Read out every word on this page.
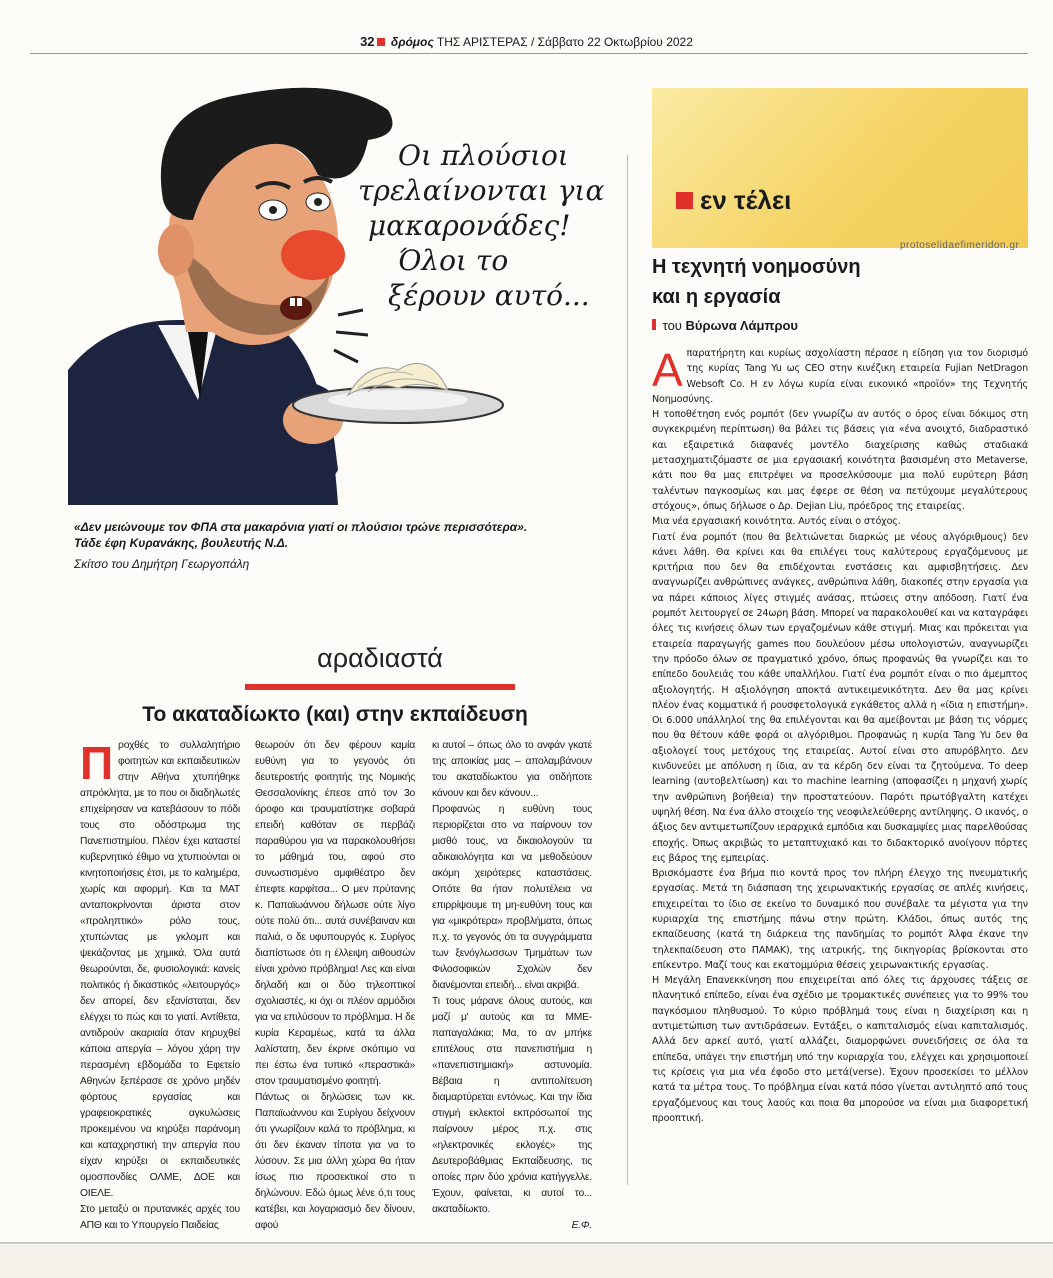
32 δρόμος ΤΗΣ ΑΡΙΣΤΕΡΑΣ / Σάββατο 22 Οκτωβρίου 2022
Οι πλούσιοι
τρελαίνονται για
μακαρονάδες!
Όλοι το
ξέρουν αυτό...
«Δεν μειώνουμε τον ΦΠΑ στα μακαρόνια γιατί οι πλούσιοι τρώνε περισσότερα».
Τάδε έφη Κυρανάκης, βουλευτής Ν.Δ.
Σκίτσο του Δημήτρη Γεωργοπάλη
αραδιαστά
Το ακαταδίωκτο (και) στην εκπαίδευση
Π ροχθές το συλλαλητήριο φοιτητών και εκπαιδευτικών στην Αθήνα χτυπήθηκε απρόκλητα, με το που οι διαδηλωτές επιχείρησαν να κατεβάσουν το πόδι τους στο οδόστρωμα της Πανεπιστημίου. Πλέον έχει καταστεί κυβερνητικό έθιμο να χτυπιούνται οι κινητοποιήσεις έτσι, με το καλημέρα, χωρίς και αφορμή. Και τα ΜΑΤ ανταποκρίνονται άριστα στον «προληπτικό» ρόλο τους, χτυπώντας με γκλομπ και ψεκάζοντας με χημικά. Όλα αυτά θεωρούνται, δε, φυσιολογικά: κανείς πολιτικός ή δικαστικός «λειτουργός» δεν απορεί, δεν εξανίσταται, δεν ελέγχει το πώς και το γιατί. Αντίθετα, αντιδρούν ακαριαία όταν κηρυχθεί κάποια απεργία – λόγου χάρη την περασμένη εβδομάδα το Εφετείο Αθηνών ξεπέρασε σε χρόνο μηδέν φόρτους εργασίας και γραφειοκρατικές αγκυλώσεις προκειμένου να κηρύξει παράνομη και καταχρηστική την απεργία που είχαν κηρύξει οι εκπαιδευτικές ομοσπονδίες ΟΛΜΕ, ΔΟΕ και ΟΙΕΛΕ.

Στο μεταξύ οι πρυτανικές αρχές του ΑΠΘ και το Υπουργείο Παιδείας

θεωρούν ότι δεν φέρουν καμία ευθύνη για το γεγονός ότι δευτεροετής φοιτητής της Νομικής Θεσσαλονίκης έπεσε από τον 3ο όροφο και τραυματίστηκε σοβαρά επειδή καθόταν σε περβάζι παραθύρου για να παρακολουθήσει το μάθημά του, αφού στο συνωστισμένο αμφιθέατρο δεν έπεφτε καρφίτσα... Ο μεν πρύτανης κ. Παπαϊωάννου δήλωσε ούτε λίγο ούτε πολύ ότι... αυτά συνέβαιναν και παλιά, ο δε υφυπουργός κ. Συρίγος διαπίστωσε ότι η έλλειψη αιθουσών είναι χρόνιο πρόβλημα! Λες και είναι δηλαδή και οι δύο τηλεοπτικοί σχολιαστές, κι όχι οι πλέον αρμόδιοι για να επιλύσουν το πρόβλημα. Η δε κυρία Κεραμέως, κατά τα άλλα λαλίστατη, δεν έκρινε σκόπιμο να πει έστω ένα τυπικό «περαστικά» στον τραυματισμένο φοιτητή.

Πάντως οι δηλώσεις των κκ. Παπαϊωάννου και Συρίγου δείχνουν ότι γνωρίζουν καλά το πρόβλημα, κι ότι δεν έκαναν τίποτα για να το λύσουν. Σε μια άλλη χώρα θα ήταν ίσως πιο προσεκτικοί στο τι δηλώνουν. Εδώ όμως λένε ό,τι τους κατέβει, και λογαριασμό δεν δίνουν, αφού

κι αυτοί – όπως όλο το ανφάν γκατέ της αποικίας μας – απολαμβάνουν του ακαταδίωκτου για οτιδήποτε κάνουν και δεν κάνουν...

Προφανώς η ευθύνη τους περιορίζεται στο να παίρνουν τον μισθό τους, να δικαιολογούν τα αδικαιολόγητα και να μεθοδεύουν ακόμη χειρότερες καταστάσεις. Οπότε θα ήταν πολυτέλεια να επιρρίψουμε τη μη-ευθύνη τους και για «μικρότερα» προβλήματα, όπως π.χ. το γεγονός ότι τα συγγράμματα των ξενόγλωσσων Τμημάτων των Φιλοσοφικών Σχολών δεν διανέμονται επειδή... είναι ακριβά.

Τι τους μάρανε όλους αυτούς, και μαζί μ' αυτούς και τα ΜΜΕ-παπαγαλάκια; Μα, το αν μπήκε επιτέλους στα πανεπιστήμια η «πανεπιστημιακή» αστυνομία. Βέβαια η αντιπολίτευση διαμαρτύρεται εντόνως. Και την ίδια στιγμή εκλεκτοί εκπρόσωποί της παίρνουν μέρος π.χ. στις «ηλεκτρονικές εκλογές» της Δευτεροβάθμιας Εκπαίδευσης, τις οποίες πριν δύο χρόνια κατήγγελλε. Έχουν, φαίνεται, κι αυτοί το... ακαταδίωκτο.

Ε.Φ.

εν τέλει
protoselidaefimeridon.gr
Η τεχνητή νοημοσύνη
και η εργασία
του Βύρωνα Λάμπρου
Α παρατήρητη και κυρίως ασχολίαστη πέρασε η είδηση για τον διορισμό της κυρίας Tang Yu ως CEO στην κινέζικη εταιρεία Fujian NetDragon Websoft Co. Η εν λόγω κυρία είναι εικονικό «προϊόν» της Τεχνητής Νοημοσύνης.

Η τοποθέτηση ενός ρομπότ (δεν γνωρίζω αν αυτός ο όρος είναι δόκιμος στη συγκεκριμένη περίπτωση) θα βάλει τις βάσεις για «ένα ανοιχτό, διαδραστικό και εξαιρετικά διαφανές μοντέλο διαχείρισης καθώς σταδιακά μετασχηματιζόμαστε σε μια εργασιακή κοινότητα βασισμένη στο Metaverse, κάτι που θα μας επιτρέψει να προσελκύσουμε μια πολύ ευρύτερη βάση ταλέντων παγκοσμίως και μας έφερε σε θέση να πετύχουμε μεγαλύτερους στόχους», όπως δήλωσε ο Δρ. Dejian Liu, πρόεδρος της εταιρείας.

Μια νέα εργασιακή κοινότητα. Αυτός είναι ο στόχος.

Γιατί ένα ρομπότ (που θα βελτιώνεται διαρκώς με νέους αλγόριθμους) δεν κάνει λάθη. Θα κρίνει και θα επιλέγει τους καλύτερους εργαζόμενους με κριτήρια που δεν θα επιδέχονται ενστάσεις και αμφισβητήσεις. Δεν αναγνωρίζει ανθρώπινες ανάγκες, ανθρώπινα λάθη, διακοπές στην εργασία για να πάρει κάποιος λίγες στιγμές ανάσας, πτώσεις στην απόδοση. Γιατί ένα ρομπότ λειτουργεί σε 24ωρη βάση. Μπορεί να παρακολουθεί και να καταγράφει όλες τις κινήσεις όλων των εργαζομένων κάθε στιγμή. Μιας και πρόκειται για εταιρεία παραγωγής games που δουλεύουν μέσω υπολογιστών, αναγνωρίζει την πρόοδο όλων σε πραγματικό χρόνο, όπως προφανώς θα γνωρίζει και το επίπεδο δουλειάς του κάθε υπαλλήλου. Γιατί ένα ρομπότ είναι ο πιο άμεμπτος αξιολογητής. Η αξιολόγηση αποκτά αντικειμενικότητα. Δεν θα μας κρίνει πλέον ένας κομματικά ή ρουσφετολογικά εγκάθετος αλλά η «ίδια η επιστήμη». Οι 6.000 υπάλληλοί της θα επιλέγονται και θα αμείβονται με βάση τις νόρμες που θα θέτουν κάθε φορά οι αλγόριθμοι. Προφανώς η κυρία Tang Yu δεν θα αξιολογεί τους μετόχους της εταιρείας. Αυτοί είναι στο απυρόβλητο. Δεν κινδυνεύει με απόλυση η ίδια, αν τα κέρδη δεν είναι τα ζητούμενα. Το deep learning (αυτοβελτίωση) και το machine learning (αποφασίζει η μηχανή χωρίς την ανθρώπινη βοήθεια) την προστατεύουν. Παρότι πρωτόβγαλτη κατέχει υψηλή θέση. Να ένα άλλο στοιχείο της νεοφιλελεύθερης αντίληψης. Ο ικανός, ο άξιος δεν αντιμετωπίζουν ιεραρχικά εμπόδια και δυσκαμψίες μιας παρελθούσας εποχής. Όπως ακριβώς το μεταπτυχιακό και το διδακτορικό ανοίγουν πόρτες εις βάρος της εμπειρίας.

Βρισκόμαστε ένα βήμα πιο κοντά προς τον πλήρη έλεγχο της πνευματικής εργασίας. Μετά τη διάσπαση της χειρωνακτικής εργασίας σε απλές κινήσεις, επιχειρείται το ίδιο σε εκείνο το δυναμικό που συνέβαλε τα μέγιστα για την κυριαρχία της επιστήμης πάνω στην πρώτη. Κλάδοι, όπως αυτός της εκπαίδευσης (κατά τη διάρκεια της πανδημίας το ρομπότ Άλφα έκανε την τηλεκπαίδευση στο ΠΑΜΑΚ), της ιατρικής, της δικηγορίας βρίσκονται στο επίκεντρο. Μαζί τους και εκατομμύρια θέσεις χειρωνακτικής εργασίας.

Η Μεγάλη Επανεκκίνηση που επιχειρείται από όλες τις άρχουσες τάξεις σε πλανητικό επίπεδο, είναι ένα σχέδιο με τρομακτικές συνέπειες για το 99% του παγκόσμιου πληθυσμού. Το κύριο πρόβλημά τους είναι η διαχείριση και η αντιμετώπιση των αντιδράσεων. Εντάξει, ο καπιταλισμός είναι καπιταλισμός. Αλλά δεν αρκεί αυτό, γιατί αλλάζει, διαμορφώνει συνειδήσεις σε όλα τα επίπεδα, υπάγει την επιστήμη υπό την κυριαρχία του, ελέγχει και χρησιμοποιεί τις κρίσεις για μια νέα έφοδο στο μετά(verse). Έχουν προσεκίσει το μέλλον κατά τα μέτρα τους. Το πρόβλημα είναι κατά πόσο γίνεται αντιληπτό από τους εργαζόμενους και τους λαούς και ποια θα μπορούσε να είναι μια διαφορετική προοπτική.
